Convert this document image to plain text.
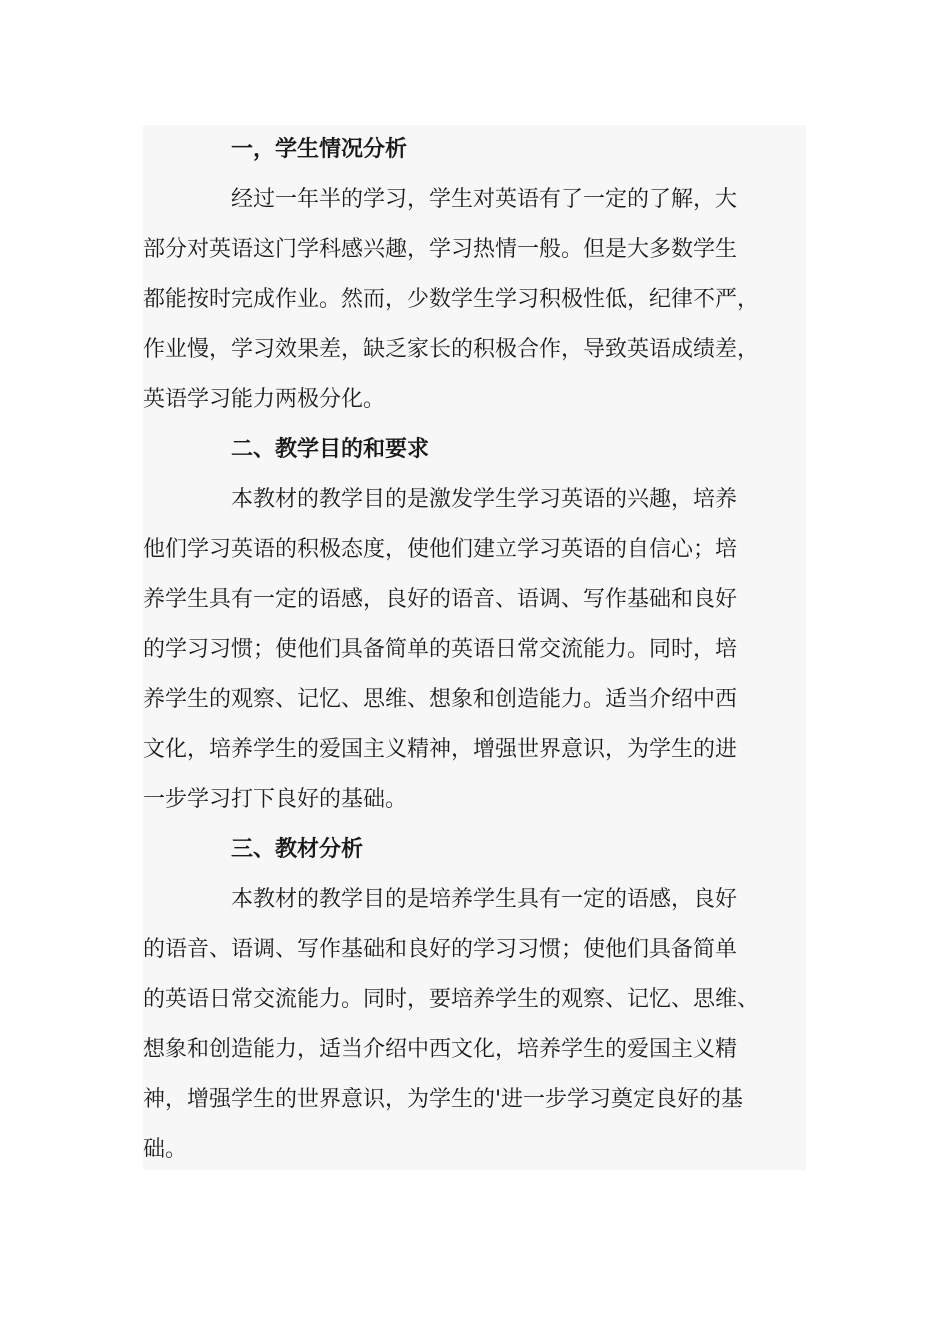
一，学生情况分析
经过一年半的学习，学生对英语有了一定的了解，大
部分对英语这门学科感兴趣，学习热情一般。但是大多数学生
都能按时完成作业。然而，少数学生学习积极性低，纪律不严，
作业慢，学习效果差，缺乏家长的积极合作，导致英语成绩差，
英语学习能力两极分化。
二、教学目的和要求
本教材的教学目的是激发学生学习英语的兴趣，培养
他们学习英语的积极态度，使他们建立学习英语的自信心；培
养学生具有一定的语感，良好的语音、语调、写作基础和良好
的学习习惯；使他们具备简单的英语日常交流能力。同时，培
养学生的观察、记忆、思维、想象和创造能力。适当介绍中西
文化，培养学生的爱国主义精神，增强世界意识，为学生的进
一步学习打下良好的基础。
三、教材分析
本教材的教学目的是培养学生具有一定的语感，良好
的语音、语调、写作基础和良好的学习习惯；使他们具备简单
的英语日常交流能力。同时，要培养学生的观察、记忆、思维、
想象和创造能力，适当介绍中西文化，培养学生的爱国主义精
神，增强学生的世界意识，为学生的'进一步学习奠定良好的基
础。
